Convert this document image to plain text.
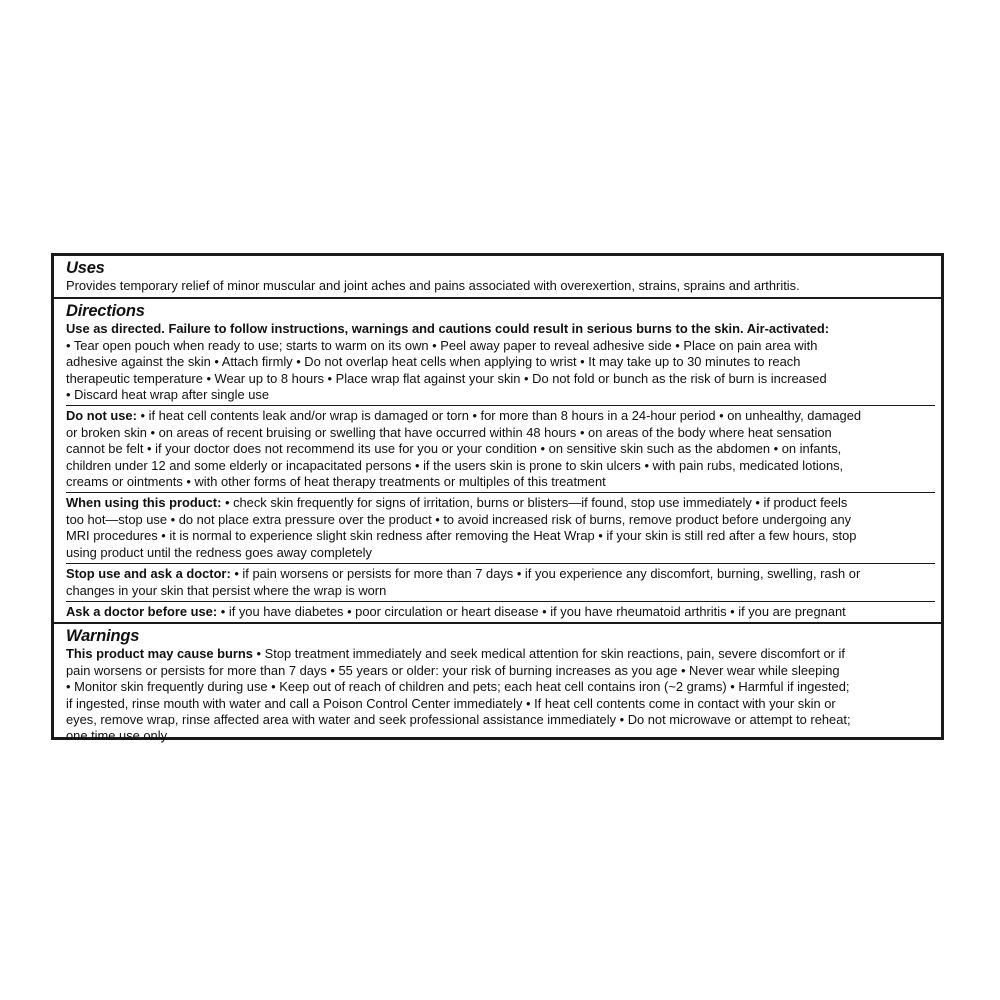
Uses
Provides temporary relief of minor muscular and joint aches and pains associated with overexertion, strains, sprains and arthritis.
Directions
Use as directed. Failure to follow instructions, warnings and cautions could result in serious burns to the skin. Air-activated:
• Tear open pouch when ready to use; starts to warm on its own • Peel away paper to reveal adhesive side • Place on pain area with
adhesive against the skin • Attach firmly • Do not overlap heat cells when applying to wrist • It may take up to 30 minutes to reach
therapeutic temperature • Wear up to 8 hours • Place wrap flat against your skin • Do not fold or bunch as the risk of burn is increased
• Discard heat wrap after single use
Do not use: • if heat cell contents leak and/or wrap is damaged or torn • for more than 8 hours in a 24-hour period • on unhealthy, damaged
or broken skin • on areas of recent bruising or swelling that have occurred within 48 hours • on areas of the body where heat sensation
cannot be felt • if your doctor does not recommend its use for you or your condition • on sensitive skin such as the abdomen • on infants,
children under 12 and some elderly or incapacitated persons • if the users skin is prone to skin ulcers • with pain rubs, medicated lotions,
creams or ointments • with other forms of heat therapy treatments or multiples of this treatment
When using this product: • check skin frequently for signs of irritation, burns or blisters—if found, stop use immediately • if product feels
too hot—stop use • do not place extra pressure over the product • to avoid increased risk of burns, remove product before undergoing any
MRI procedures • it is normal to experience slight skin redness after removing the Heat Wrap • if your skin is still red after a few hours, stop
using product until the redness goes away completely
Stop use and ask a doctor: • if pain worsens or persists for more than 7 days • if you experience any discomfort, burning, swelling, rash or
changes in your skin that persist where the wrap is worn
Ask a doctor before use: • if you have diabetes • poor circulation or heart disease • if you have rheumatoid arthritis • if you are pregnant
Warnings
This product may cause burns • Stop treatment immediately and seek medical attention for skin reactions, pain, severe discomfort or if
pain worsens or persists for more than 7 days • 55 years or older: your risk of burning increases as you age • Never wear while sleeping
• Monitor skin frequently during use • Keep out of reach of children and pets; each heat cell contains iron (~2 grams) • Harmful if ingested;
if ingested, rinse mouth with water and call a Poison Control Center immediately • If heat cell contents come in contact with your skin or
eyes, remove wrap, rinse affected area with water and seek professional assistance immediately • Do not microwave or attempt to reheat;
one time use only
